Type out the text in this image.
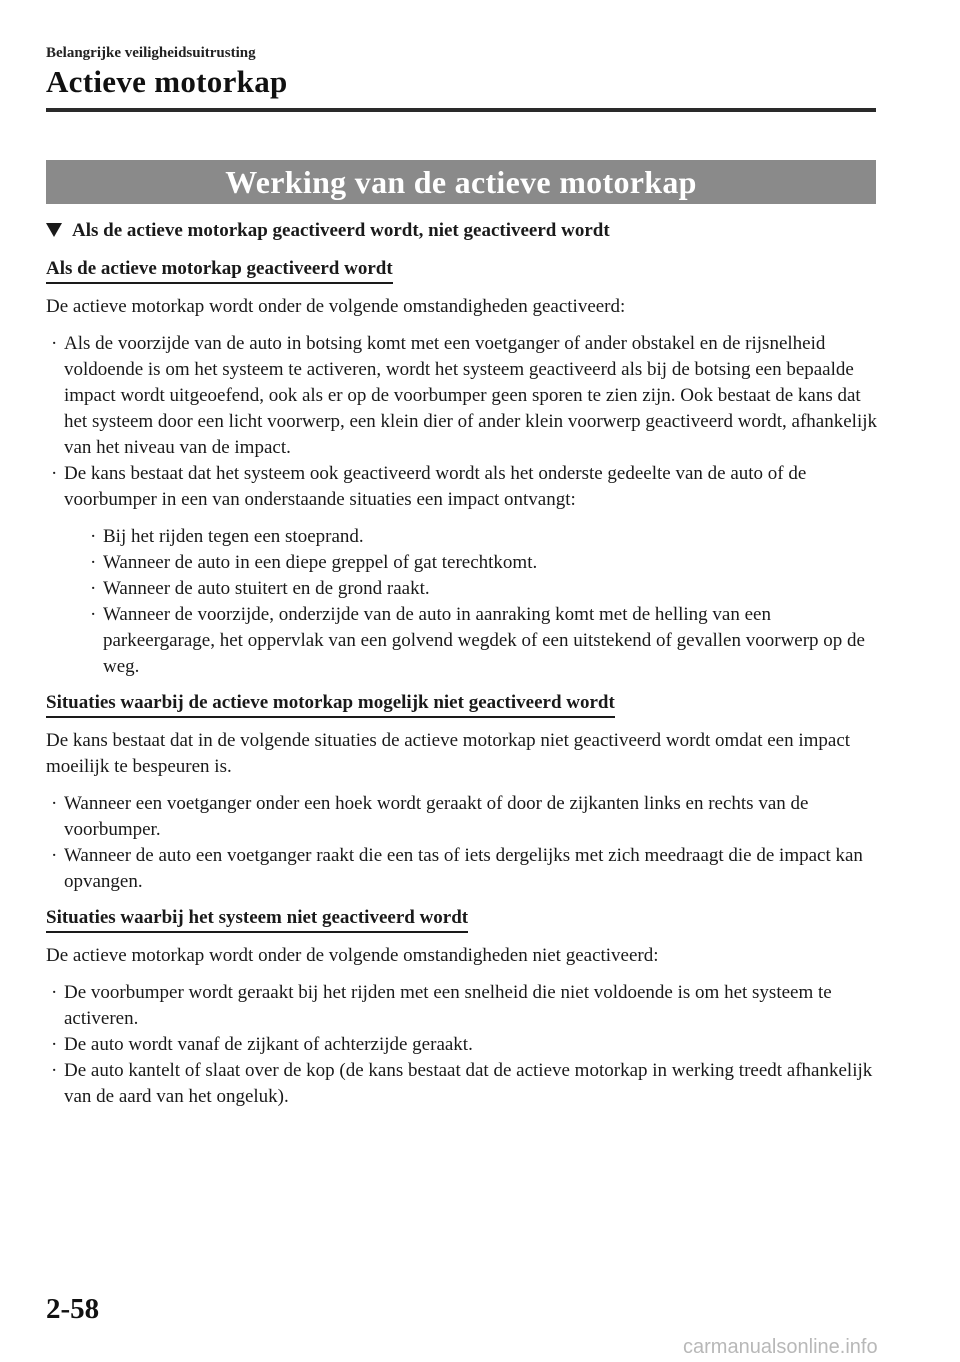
Belangrijke veiligheidsuitrusting
Actieve motorkap
Werking van de actieve motorkap
Als de actieve motorkap geactiveerd wordt, niet geactiveerd wordt
Als de actieve motorkap geactiveerd wordt

De actieve motorkap wordt onder de volgende omstandigheden geactiveerd:

· Als de voorzijde van de auto in botsing komt met een voetganger of ander obstakel en de rijsnelheid voldoende is om het systeem te activeren, wordt het systeem geactiveerd als bij de botsing een bepaalde impact wordt uitgeoefend, ook als er op de voorbumper geen sporen te zien zijn. Ook bestaat de kans dat het systeem door een licht voorwerp, een klein dier of ander klein voorwerp geactiveerd wordt, afhankelijk van het niveau van de impact.
· De kans bestaat dat het systeem ook geactiveerd wordt als het onderste gedeelte van de auto of de voorbumper in een van onderstaande situaties een impact ontvangt:
· Bij het rijden tegen een stoeprand.
· Wanneer de auto in een diepe greppel of gat terechtkomt.
· Wanneer de auto stuitert en de grond raakt.
· Wanneer de voorzijde, onderzijde van de auto in aanraking komt met de helling van een parkeergarage, het oppervlak van een golvend wegdek of een uitstekend of gevallen voorwerp op de weg.
Situaties waarbij de actieve motorkap mogelijk niet geactiveerd wordt

De kans bestaat dat in de volgende situaties de actieve motorkap niet geactiveerd wordt omdat een impact moeilijk te bespeuren is.

· Wanneer een voetganger onder een hoek wordt geraakt of door de zijkanten links en rechts van de voorbumper.
· Wanneer de auto een voetganger raakt die een tas of iets dergelijks met zich meedraagt die de impact kan opvangen.
Situaties waarbij het systeem niet geactiveerd wordt

De actieve motorkap wordt onder de volgende omstandigheden niet geactiveerd:

· De voorbumper wordt geraakt bij het rijden met een snelheid die niet voldoende is om het systeem te activeren.
· De auto wordt vanaf de zijkant of achterzijde geraakt.
· De auto kantelt of slaat over de kop (de kans bestaat dat de actieve motorkap in werking treedt afhankelijk van de aard van het ongeluk).
2-58
carmanualsonline.info
